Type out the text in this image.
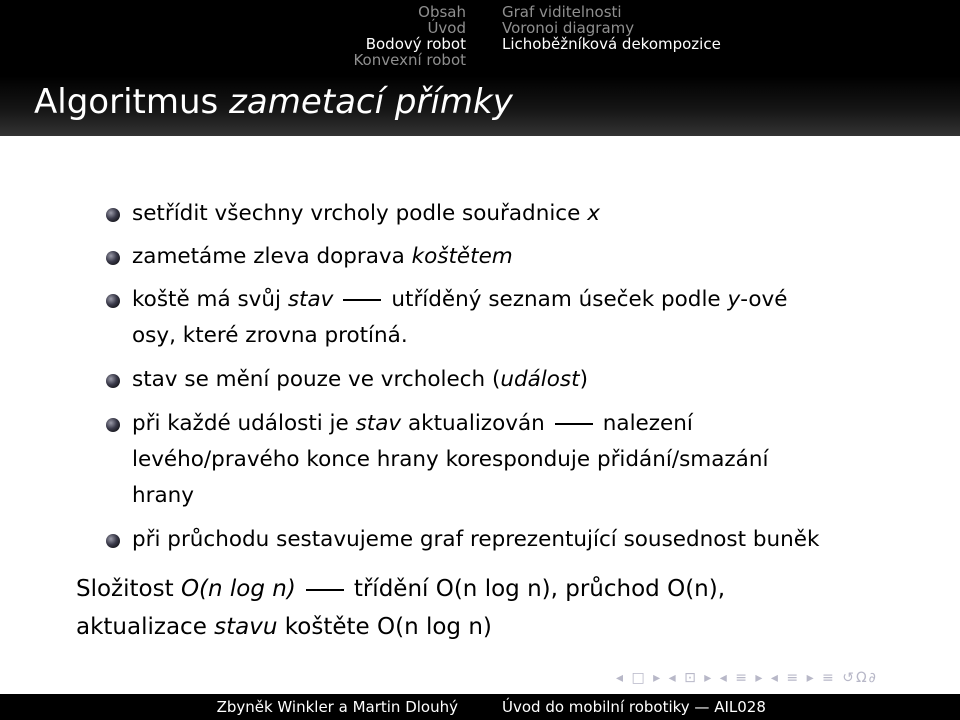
Obsah
Úvod
Bodový robot
Konvexní robot
Graf viditelnosti
Voronoi diagramy
Lichoběžníková dekompozice
Algoritmus zametací přímky
setřídit všechny vrcholy podle souřadnice x
zametáme zleva doprava koštětem
koště má svůj stav	utříděný seznam úseček podle y-ové
osy, které zrovna protíná.
stav se mění pouze ve vrcholech (událost)
při každé události je stav aktualizován	nalezení
levého/pravého konce hrany koresponduje přidání/smazání
hrany
při průchodu sestavujeme graf reprezentující sousednost buněk
Složitost O(n log n)	třídění O(n log n), průchod O(n),
aktualizace stavu koštěte O(n log n)
◂ □ ▸ ◂ ⊡ ▸ ◂ ≡ ▸ ◂ ≡ ▸ ≡ ↺Ω∂
Zbyněk Winkler a Martin Dlouhý	Úvod do mobilní robotiky — AIL028
